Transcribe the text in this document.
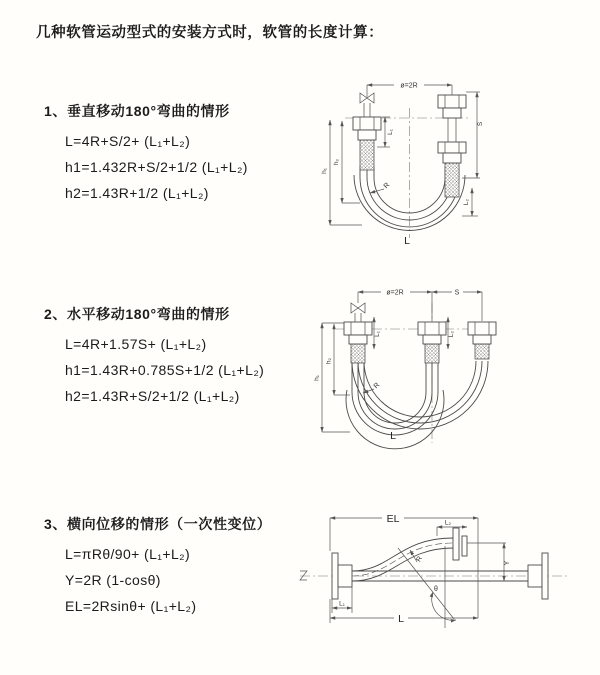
几种软管运动型式的安装方式时，软管的长度计算：
1、垂直移动180°弯曲的情形
L=4R+S/2+ (L₁+L₂)
h1=1.432R+S/2+1/2 (L₁+L₂)
h2=1.43R+1/2 (L₁+L₂)
ø=2R
h₁
h₂
L₁
S
L₂
R
L
2、水平移动180°弯曲的情形
L=4R+1.57S+ (L₁+L₂)
h1=1.43R+0.785S+1/2 (L₁+L₂)
h2=1.43R+S/2+1/2 (L₁+L₂)
ø=2R	S
h₁
h₂
L₁	L₂
R
L
3、横向位移的情形（一次性变位）
L=πRθ/90+ (L₁+L₂)
Y=2R (1-cosθ)
EL=2Rsinθ+ (L₁+L₂)
θ
EL	L₂
Y
R
L₁
L
